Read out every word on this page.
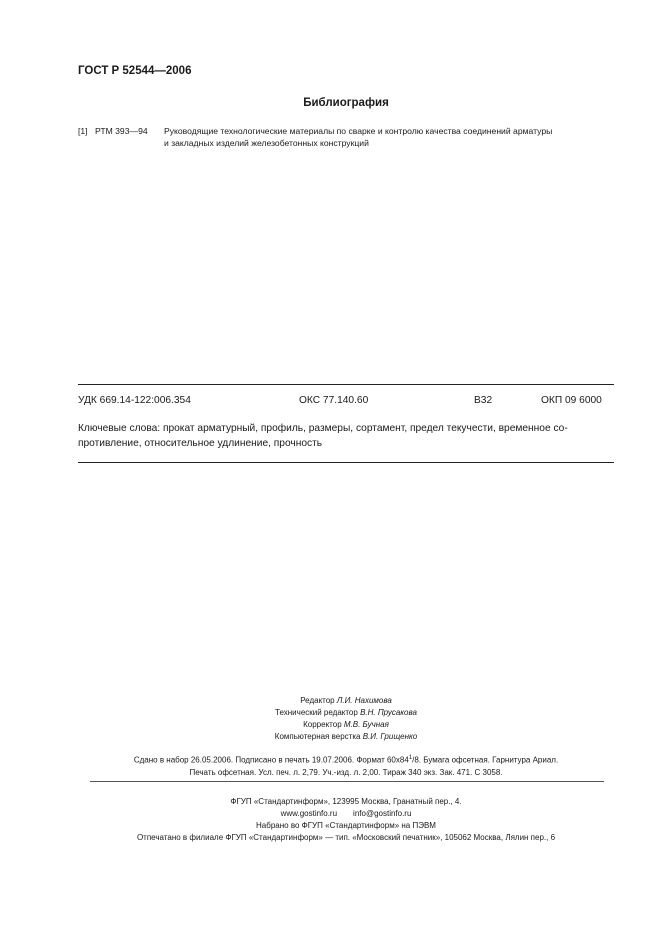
ГОСТ Р 52544—2006
Библиография
[1] РТМ 393—94 Руководящие технологические материалы по сварке и контролю качества соединений арматуры
и закладных изделий железобетонных конструкций
УДК 669.14-122:006.354	ОКС 77.140.60	В32	ОКП 09 6000
Ключевые слова: прокат арматурный, профиль, размеры, сортамент, предел текучести, временное со-
противление, относительное удлинение, прочность
Редактор Л.И. Нахимова
Технический редактор В.Н. Прусакова
Корректор М.В. Бучная
Компьютерная верстка В.И. Грищенко
Сдано в набор 26.05.2006. Подписано в печать 19.07.2006. Формат $60х84^1/8$. Бумага офсетная. Гарнитура Ариал.
Печать офсетная. Усл. печ. л. 2,79. Уч.-изд. л. 2,00. Тираж 340 экз. Зак. 471. С 3058.
ФГУП «Стандартинформ», 123995 Москва, Гранатный пер., 4.
www.gostinfo.ru info@gostinfo.ru
Набрано во ФГУП «Стандартинформ» на ПЭВМ
Отпечатано в филиале ФГУП «Стандартинформ» — тип. «Московский печатник», 105062 Москва, Лялин пер., 6
